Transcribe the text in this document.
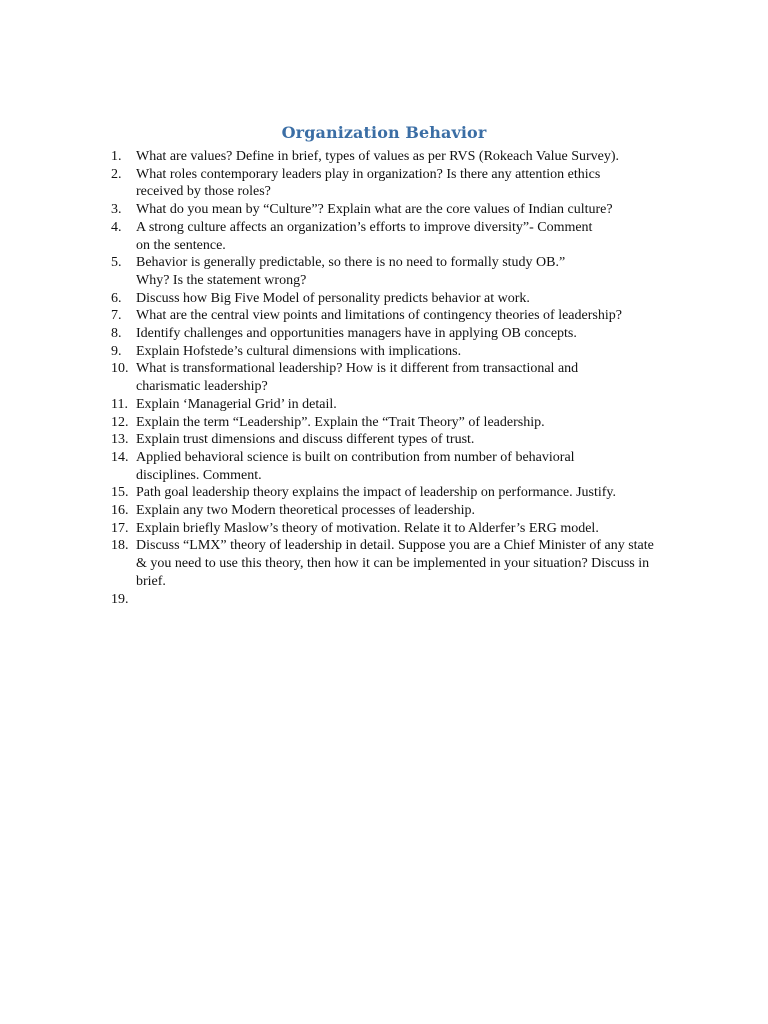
Organization Behavior
1. What are values? Define in brief, types of values as per RVS (Rokeach Value Survey).
2. What roles contemporary leaders play in organization? Is there any attention ethics
received by those roles?
3. What do you mean by “Culture”? Explain what are the core values of Indian culture?
4. A strong culture affects an organization’s efforts to improve diversity”- Comment
on the sentence.
5. Behavior is generally predictable, so there is no need to formally study OB.”
Why? Is the statement wrong?
6. Discuss how Big Five Model of personality predicts behavior at work.
7. What are the central view points and limitations of contingency theories of leadership?
8. Identify challenges and opportunities managers have in applying OB concepts.
9. Explain Hofstede’s cultural dimensions with implications.
10. What is transformational leadership? How is it different from transactional and
charismatic leadership?
11. Explain ‘Managerial Grid’ in detail.
12. Explain the term “Leadership”. Explain the “Trait Theory” of leadership.
13. Explain trust dimensions and discuss different types of trust.
14. Applied behavioral science is built on contribution from number of behavioral
disciplines. Comment.
15. Path goal leadership theory explains the impact of leadership on performance. Justify.
16. Explain any two Modern theoretical processes of leadership.
17. Explain briefly Maslow’s theory of motivation. Relate it to Alderfer’s ERG model.
18. Discuss “LMX” theory of leadership in detail. Suppose you are a Chief Minister of any state
& you need to use this theory, then how it can be implemented in your situation? Discuss in
brief.
19.
